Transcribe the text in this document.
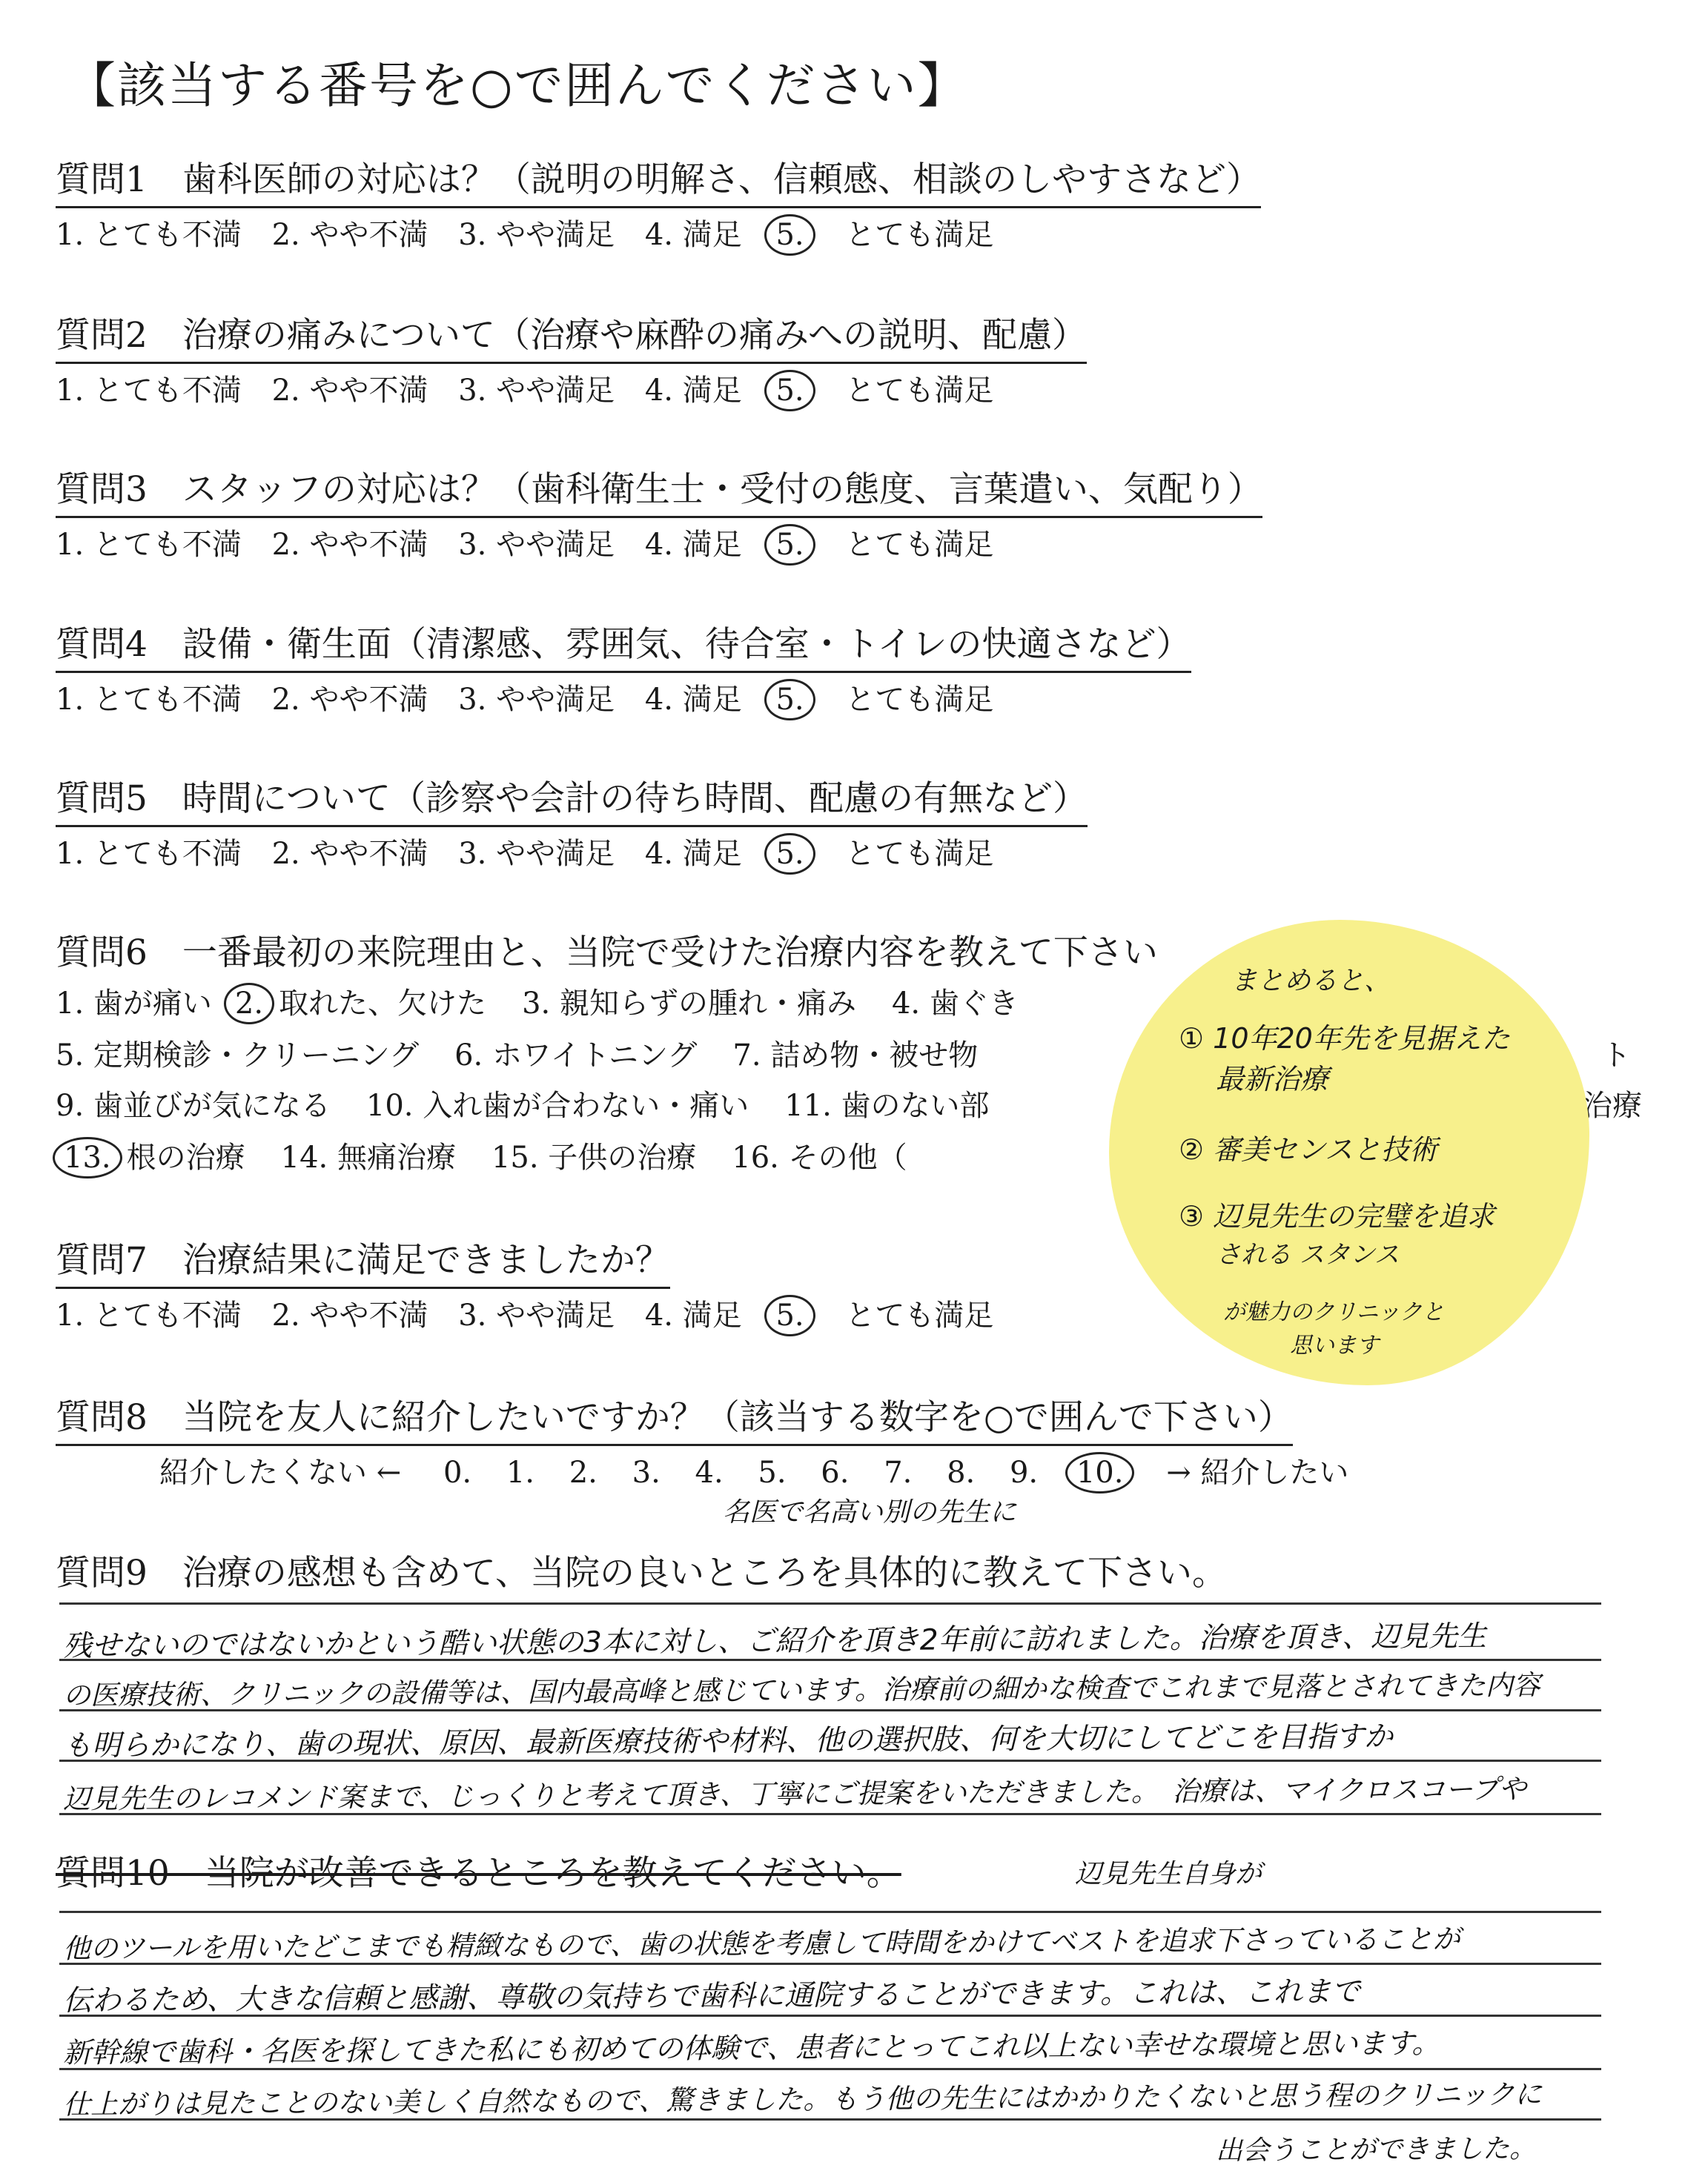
【該当する番号を○で囲んでください】
質問1　歯科医師の対応は？（説明の明解さ、信頼感、相談のしやすさなど）
1. とても不満 2. やや不満 3. やや満足 4. 満足 5. とても満足
質問2　治療の痛みについて（治療や麻酔の痛みへの説明、配慮）
1. とても不満 2. やや不満 3. やや満足 4. 満足 5. とても満足
質問3　スタッフの対応は？（歯科衛生士・受付の態度、言葉遣い、気配り）
1. とても不満 2. やや不満 3. やや満足 4. 満足 5. とても満足
質問4　設備・衛生面（清潔感、雰囲気、待合室・トイレの快適さなど）
1. とても不満 2. やや不満 3. やや満足 4. 満足 5. とても満足
質問5　時間について（診察や会計の待ち時間、配慮の有無など）
1. とても不満 2. やや不満 3. やや満足 4. 満足 5. とても満足
質問6　一番最初の来院理由と、当院で受けた治療内容を教えて下さい
1. 歯が痛い 2. 取れた、欠けた 3. 親知らずの腫れ・痛み 4. 歯ぐき
5. 定期検診・クリーニング 6. ホワイトニング 7. 詰め物・被せ物	ト
9. 歯並びが気になる 10. 入れ歯が合わない・痛い 11. 歯のない部	治療
13. 根の治療 14. 無痛治療 15. 子供の治療 16. その他（
質問7　治療結果に満足できましたか？
1. とても不満 2. やや不満 3. やや満足 4. 満足 5. とても満足
まとめると、
① 10年20年先を見据えた
最新治療
② 審美センスと技術
③ 辺見先生の完璧を追求
される スタンス
が魅力のクリニックと
思います
質問8　当院を友人に紹介したいですか？（該当する数字を○で囲んで下さい）
紹介したくない ← 0. 1. 2. 3. 4. 5. 6. 7. 8. 9. 10. → 紹介したい
名医で名高い別の先生に
質問9　治療の感想も含めて、当院の良いところを具体的に教えて下さい。
残せないのではないかという酷い状態の3本に対し、ご紹介を頂き2年前に訪れました。治療を頂き、辺見先生
の医療技術、クリニックの設備等は、国内最高峰と感じています。治療前の細かな検査でこれまで見落とされてきた内容
も明らかになり、歯の現状、原因、最新医療技術や材料、他の選択肢、何を大切にしてどこを目指すか
辺見先生のレコメンド案まで、じっくりと考えて頂き、丁寧にご提案をいただきました。　治療は、マイクロスコープや
質問10　当院が改善できるところを教えてください。	辺見先生自身が
他のツールを用いたどこまでも精緻なもので、歯の状態を考慮して時間をかけてベストを追求下さっていることが
伝わるため、大きな信頼と感謝、尊敬の気持ちで歯科に通院することができます。これは、これまで
新幹線で歯科・名医を探してきた私にも初めての体験で、患者にとってこれ以上ない幸せな環境と思います。
仕上がりは見たことのない美しく自然なもので、驚きました。もう他の先生にはかかりたくないと思う程のクリニックに
出会うことができました。
